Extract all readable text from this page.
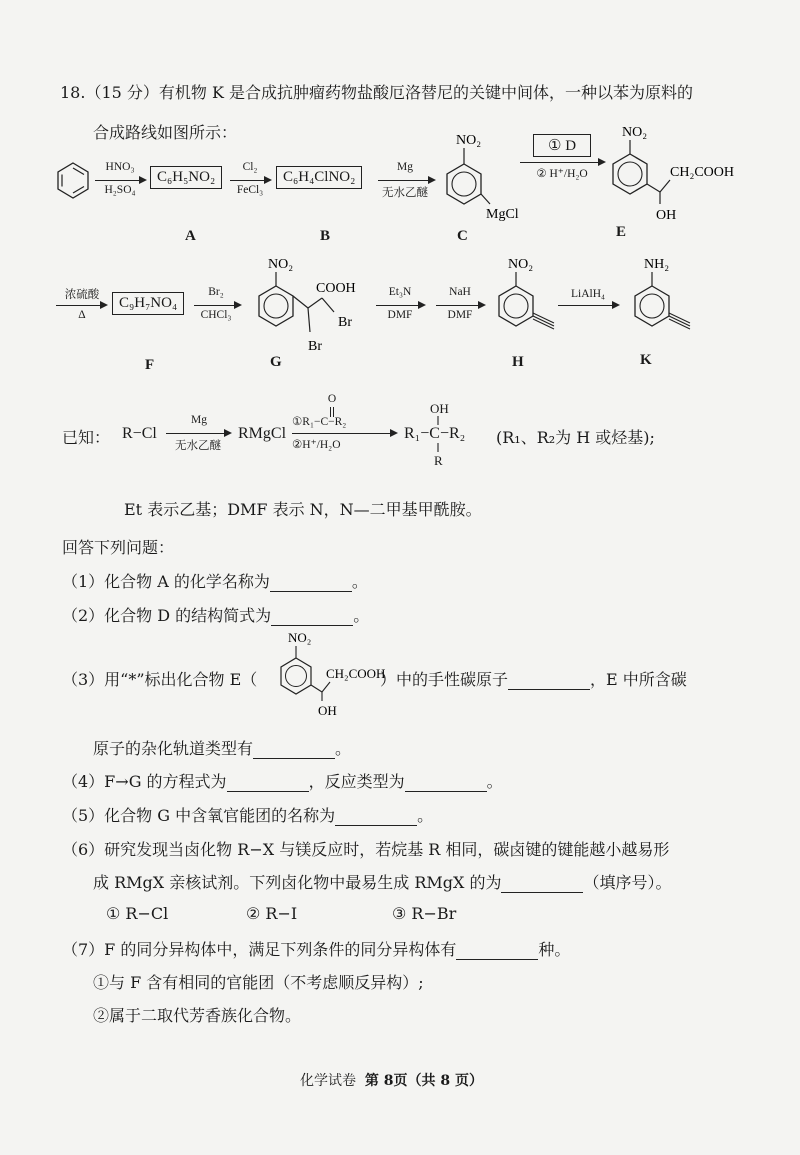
18.（15 分）有机物 K 是合成抗肿瘤药物盐酸厄洛替尼的关键中间体，一种以苯为原料的
合成路线如图所示：
HNO₃
H₂SO₄
C₆H₅NO₂
Cl₂
FeCl₃
C₆H₄ClNO₂
Mg
无水乙醚
NO₂
MgCl
① D
② H⁺/H₂O
NO₂
CH₂COOH
OH
A	B	C	E
浓硫酸
Δ
C₉H₇NO₄
Br₂
CHCl₃
NO₂
COOH
Br
Br
Et₃N
DMF
NaH
DMF
NO₂
LiAlH₄
NH₂
F	G	H	K
已知： R−Cl
Mg
无水乙醚
RMgCl
O
①R₁−C−R₂
②H⁺/H₂O
OH
R₁−C−R₂
R
(R₁、R₂为 H 或烃基);
Et 表示乙基；DMF 表示 N，N—二甲基甲酰胺。
回答下列问题：
（1）化合物 A 的化学名称为	。
（2）化合物 D 的结构简式为	。
（3）用“*”标出化合物 E（
NO₂
CH₂COOH
OH
）中的手性碳原子	，E 中所含碳
原子的杂化轨道类型有	。
（4）F→G 的方程式为	，反应类型为	。
（5）化合物 G 中含氧官能团的名称为	。
（6）研究发现当卤化物 R−X 与镁反应时，若烷基 R 相同，碳卤键的键能越小越易形
成 RMgX 亲核试剂。下列卤化物中最易生成 RMgX 的为	（填序号）。
① R−Cl	② R−I	③ R−Br
（7）F 的同分异构体中，满足下列条件的同分异构体有	种。
①与 F 含有相同的官能团（不考虑顺反异构）;
②属于二取代芳香族化合物。
化学试卷 第 8页（共 8 页）
